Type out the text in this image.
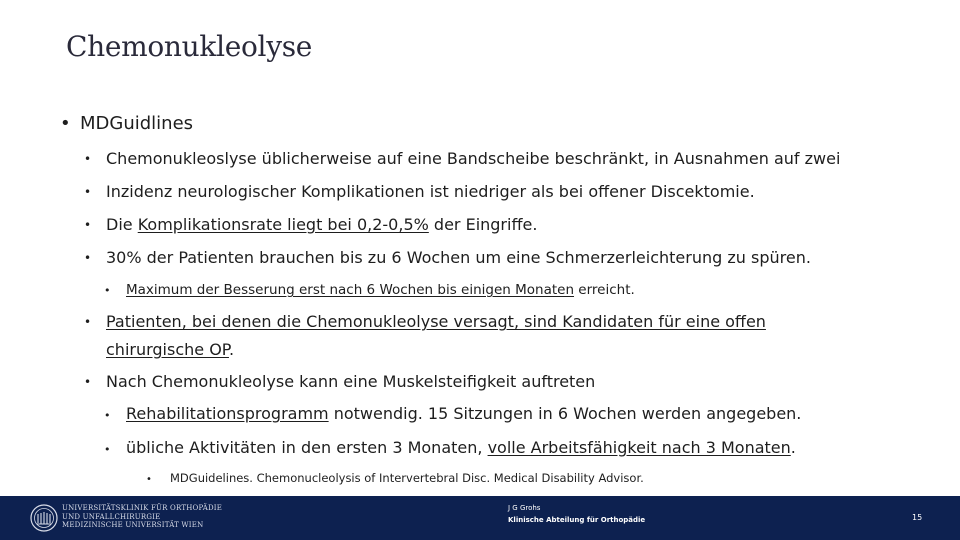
Chemonukleolyse
• MDGuidlines
• Chemonukleoslyse üblicherweise auf eine Bandscheibe beschränkt, in Ausnahmen auf zwei
• Inzidenz neurologischer Komplikationen ist niedriger als bei offener Discektomie.
• Die Komplikationsrate liegt bei 0,2-0,5% der Eingriffe.
• 30% der Patienten brauchen bis zu 6 Wochen um eine Schmerzerleichterung zu spüren.
• Maximum der Besserung erst nach 6 Wochen bis einigen Monaten erreicht.
• Patienten, bei denen die Chemonukleolyse versagt, sind Kandidaten für eine offen
chirurgische OP.
• Nach Chemonukleolyse kann eine Muskelsteifigkeit auftreten
• Rehabilitationsprogramm notwendig. 15 Sitzungen in 6 Wochen werden angegeben.
• übliche Aktivitäten in den ersten 3 Monaten, volle Arbeitsfähigkeit nach 3 Monaten.
• MDGuidelines. Chemonucleolysis of Intervertebral Disc. Medical Disability Advisor.
UNIVERSITÄTSKLINIK FÜR ORTHOPÄDIE
UND UNFALLCHIRURGIE
MEDIZINISCHE UNIVERSITÄT WIEN
J G Grohs
Klinische Abteilung für Orthopädie	15
